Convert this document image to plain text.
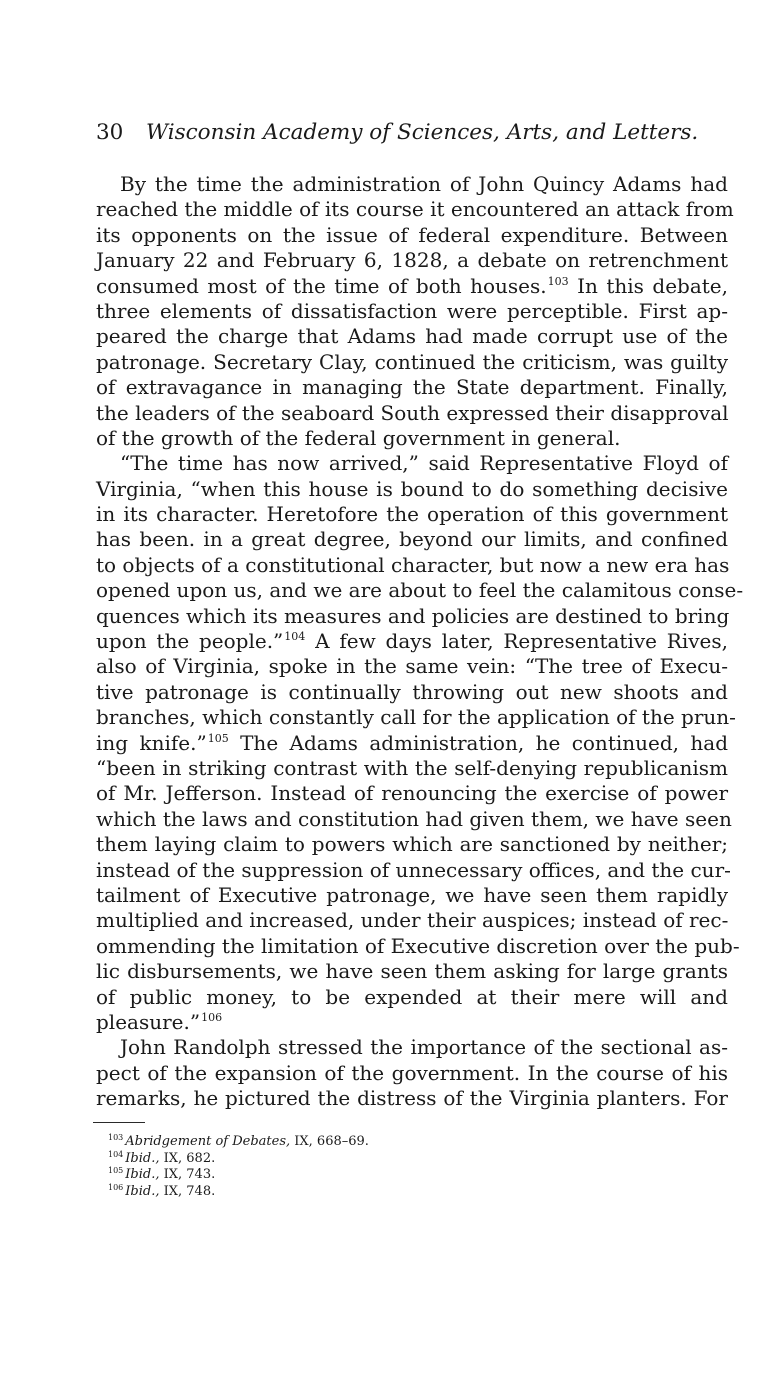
30 Wisconsin Academy of Sciences, Arts, and Letters.
By the time the administration of John Quincy Adams had
reached the middle of its course it encountered an attack from
its opponents on the issue of federal expenditure. Between
January 22 and February 6, 1828, a debate on retrenchment
consumed most of the time of both houses.$^{103}$ In this debate,
three elements of dissatisfaction were perceptible. First ap-
peared the charge that Adams had made corrupt use of the
patronage. Secretary Clay, continued the criticism, was guilty
of extravagance in managing the State department. Finally,
the leaders of the seaboard South expressed their disapproval
of the growth of the federal government in general.
“The time has now arrived,” said Representative Floyd of
Virginia, “when this house is bound to do something decisive
in its character. Heretofore the operation of this government
has been. in a great degree, beyond our limits, and confined
to objects of a constitutional character, but now a new era has
opened upon us, and we are about to feel the calamitous conse-
quences which its measures and policies are destined to bring
upon the people.”$^{104}$ A few days later, Representative Rives,
also of Virginia, spoke in the same vein: “The tree of Execu-
tive patronage is continually throwing out new shoots and
branches, which constantly call for the application of the prun-
ing knife.”$^{105}$ The Adams administration, he continued, had
“been in striking contrast with the self-denying republicanism
of Mr. Jefferson. Instead of renouncing the exercise of power
which the laws and constitution had given them, we have seen
them laying claim to powers which are sanctioned by neither;
instead of the suppression of unnecessary offices, and the cur-
tailment of Executive patronage, we have seen them rapidly
multiplied and increased, under their auspices; instead of rec-
ommending the limitation of Executive discretion over the pub-
lic disbursements, we have seen them asking for large grants
of public money, to be expended at their mere will and
pleasure.”$^{106}$
John Randolph stressed the importance of the sectional as-
pect of the expansion of the government. In the course of his
remarks, he pictured the distress of the Virginia planters. For
$^{103}$ Abridgement of Debates, IX, 668–69.
$^{104}$ Ibid., IX, 682.
$^{105}$ Ibid., IX, 743.
$^{106}$ Ibid., IX, 748.
